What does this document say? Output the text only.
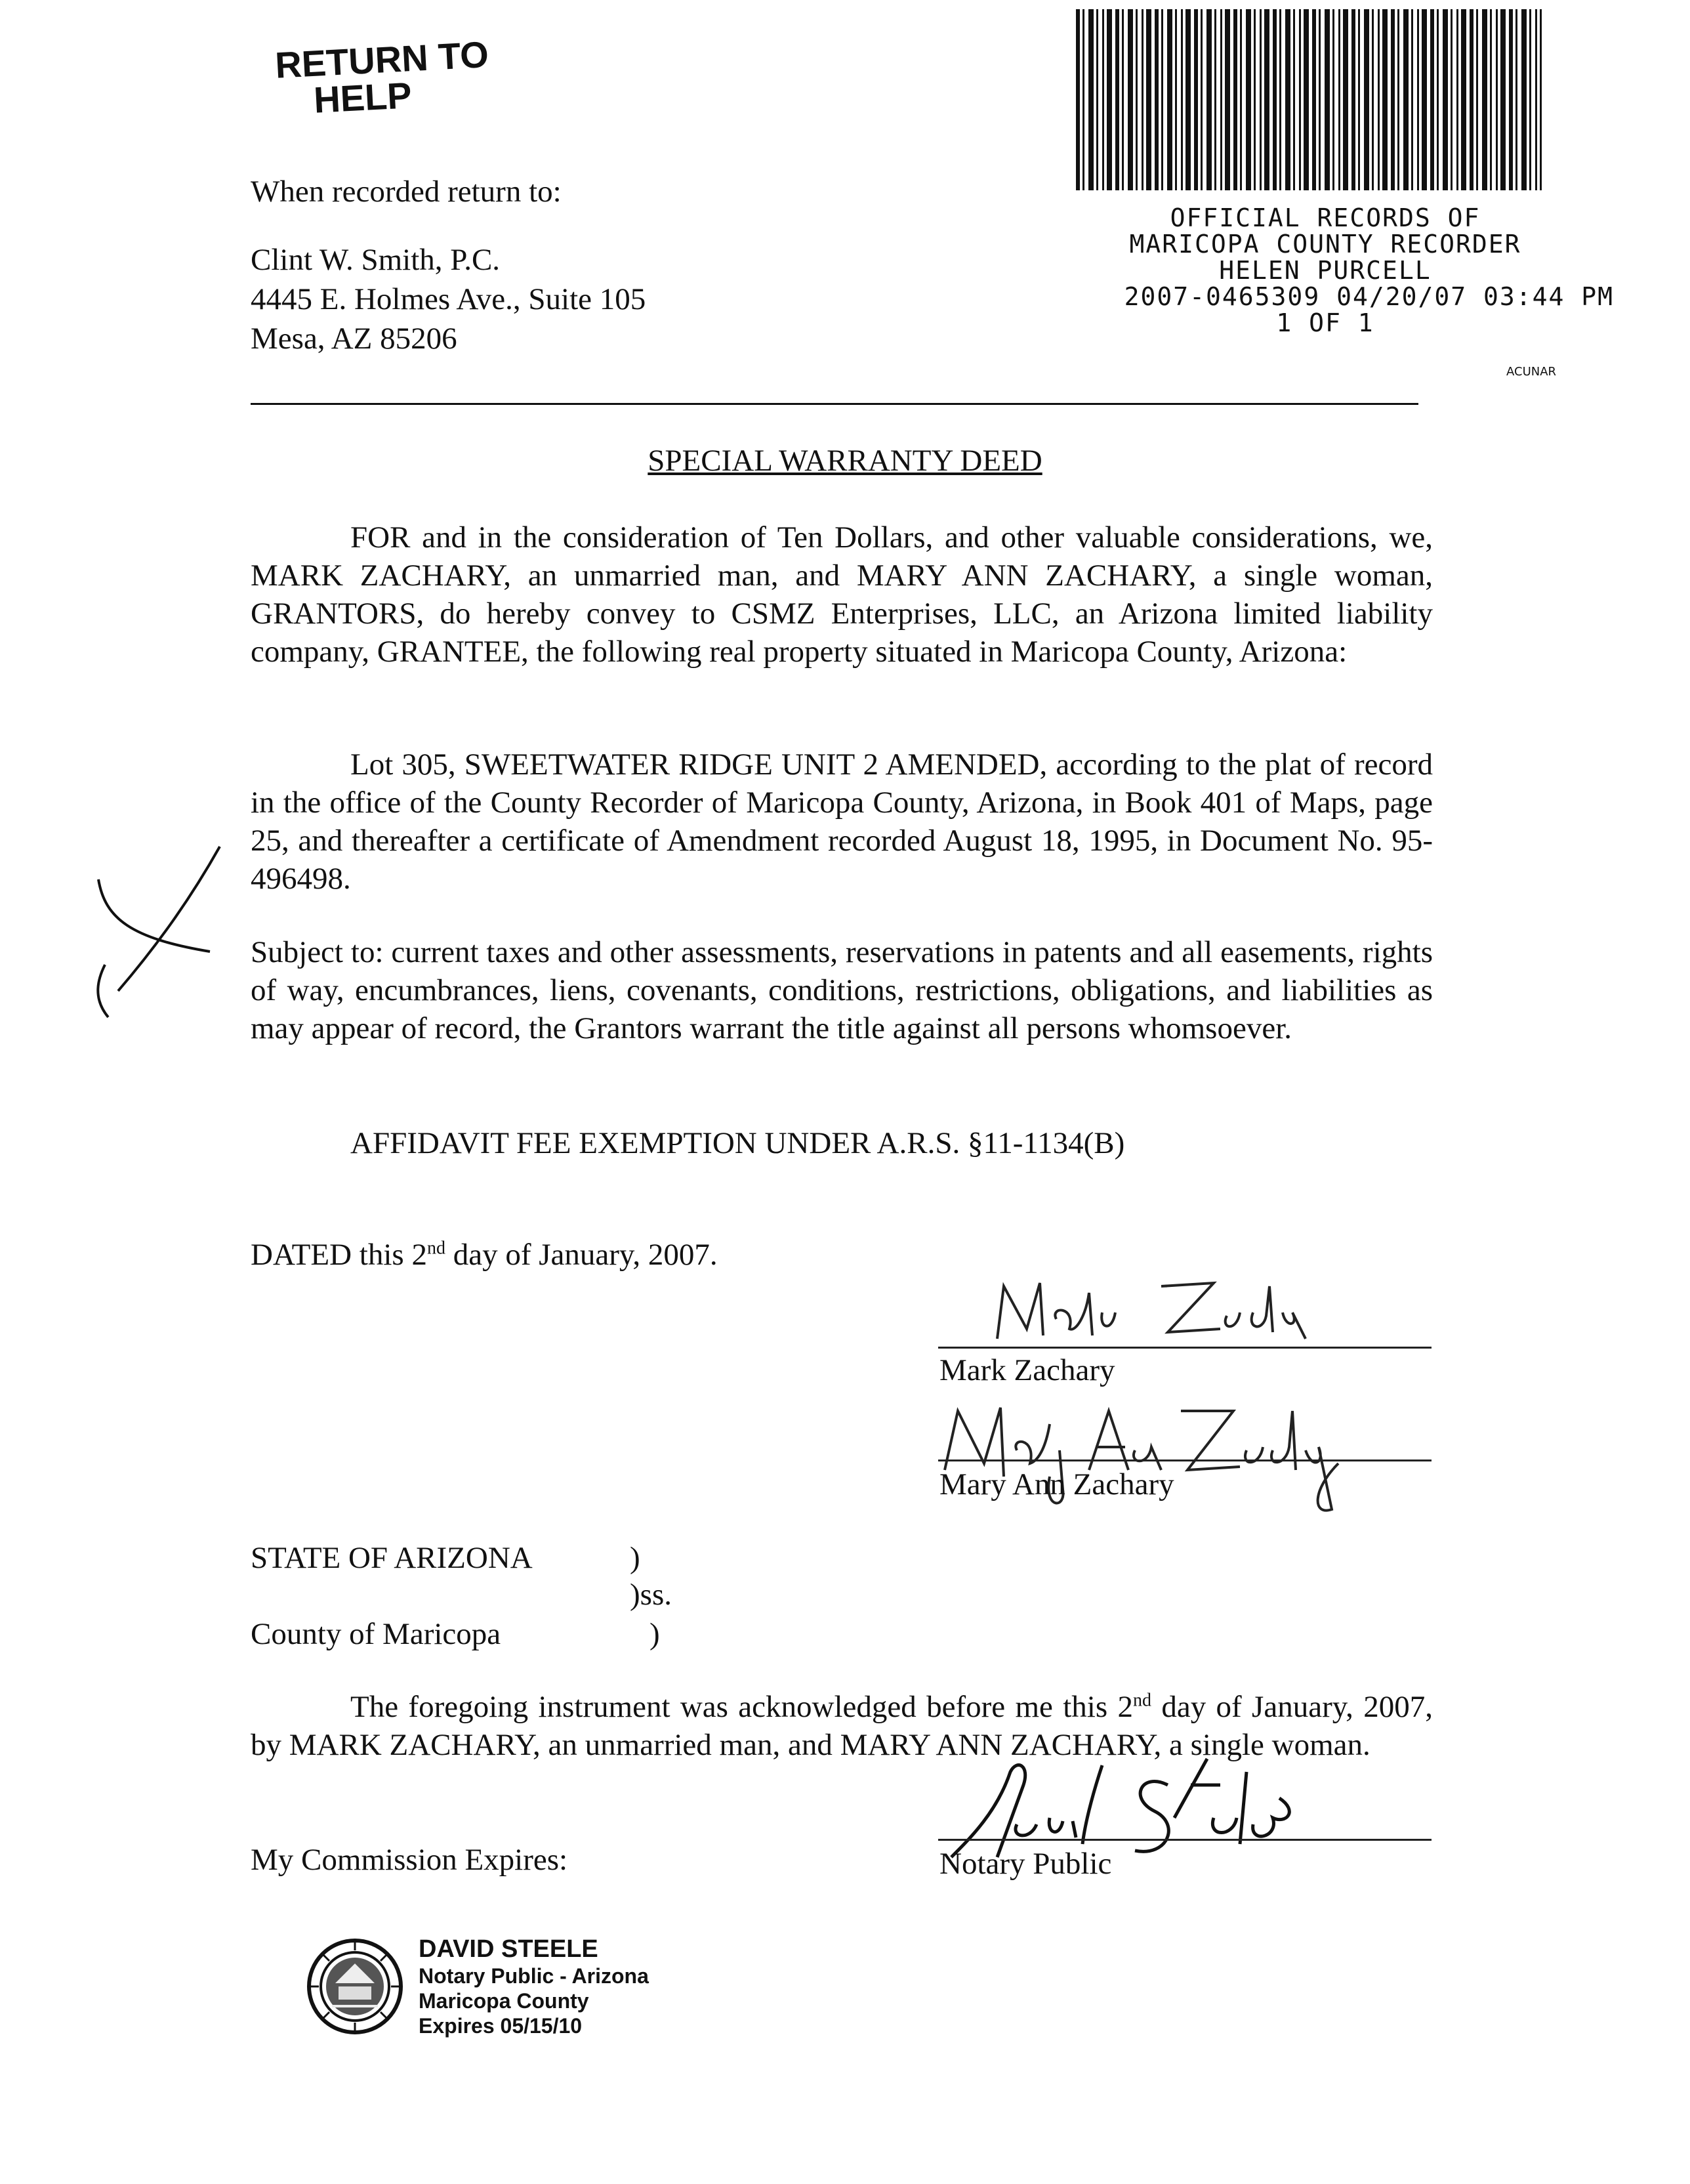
RETURN TO
HELP
When recorded return to:
Clint W. Smith, P.C.
4445 E. Holmes Ave., Suite 105
Mesa, AZ 85206
OFFICIAL RECORDS OF
MARICOPA COUNTY RECORDER
HELEN PURCELL
2007-0465309 04/20/07 03:44 PM
1 OF 1
ACUNAR
SPECIAL WARRANTY DEED

FOR and in the consideration of Ten Dollars, and other valuable considerations, we, MARK ZACHARY, an unmarried man, and MARY ANN ZACHARY, a single woman, GRANTORS, do hereby convey to CSMZ Enterprises, LLC, an Arizona limited liability company, GRANTEE, the following real property situated in Maricopa County, Arizona:

Lot 305, SWEETWATER RIDGE UNIT 2 AMENDED, according to the plat of record in the office of the County Recorder of Maricopa County, Arizona, in Book 401 of Maps, page 25, and thereafter a certificate of Amendment recorded August 18, 1995, in Document No. 95-496498.

Subject to: current taxes and other assessments, reservations in patents and all easements, rights of way, encumbrances, liens, covenants, conditions, restrictions, obligations, and liabilities as may appear of record, the Grantors warrant the title against all persons whomsoever.

AFFIDAVIT FEE EXEMPTION UNDER A.R.S. §11-1134(B)
DATED this 2nd day of January, 2007.
Mark Zachary
Mary Ann Zachary
STATE OF ARIZONA	)
)ss.
County of Maricopa	)

The foregoing instrument was acknowledged before me this 2nd day of January, 2007, by MARK ZACHARY, an unmarried man, and MARY ANN ZACHARY, a single woman.

Notary Public
My Commission Expires:
DAVID STEELE
Notary Public - Arizona
Maricopa County
Expires 05/15/10
